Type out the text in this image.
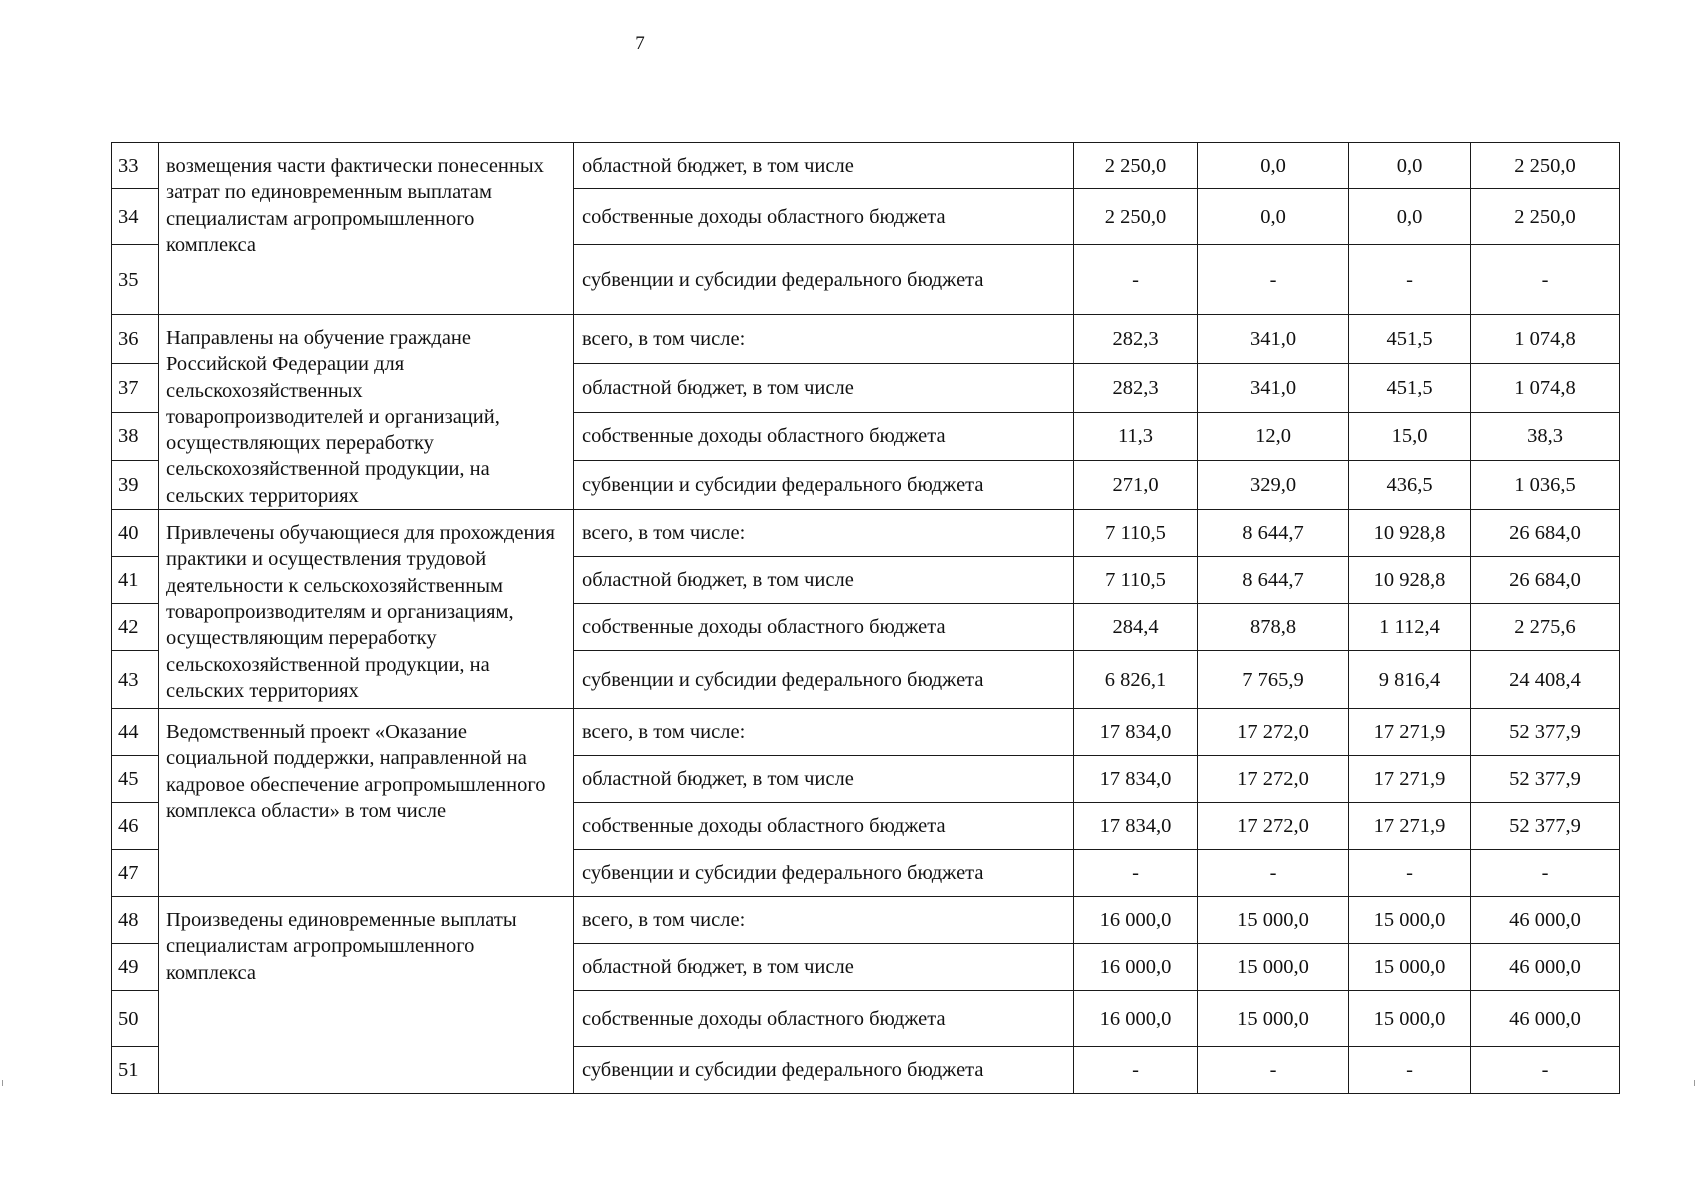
7
33	возмещения части фактически понесенных затрат по единовременным выплатам специалистам агропромышленного комплекса	областной бюджет, в том числе	2 250,0	0,0	0,0	2 250,0
34		собственные доходы областного бюджета	2 250,0	0,0	0,0	2 250,0
35		субвенции и субсидии федерального бюджета	-	-	-	-
36	Направлены на обучение граждане Российской Федерации для сельскохозяйственных товаропроизводителей и организаций, осуществляющих переработку сельскохозяйственной продукции, на сельских территориях	всего, в том числе:	282,3	341,0	451,5	1 074,8
37		областной бюджет, в том числе	282,3	341,0	451,5	1 074,8
38		собственные доходы областного бюджета	11,3	12,0	15,0	38,3
39		субвенции и субсидии федерального бюджета	271,0	329,0	436,5	1 036,5
40	Привлечены обучающиеся для прохождения практики и осуществления трудовой деятельности к сельскохозяйственным товаропроизводителям и организациям, осуществляющим переработку сельскохозяйственной продукции, на сельских территориях	всего, в том числе:	7 110,5	8 644,7	10 928,8	26 684,0
41		областной бюджет, в том числе	7 110,5	8 644,7	10 928,8	26 684,0
42		собственные доходы областного бюджета	284,4	878,8	1 112,4	2 275,6
43		субвенции и субсидии федерального бюджета	6 826,1	7 765,9	9 816,4	24 408,4
44	Ведомственный проект «Оказание социальной поддержки, направленной на кадровое обеспечение агропромышленного комплекса области» в том числе	всего, в том числе:	17 834,0	17 272,0	17 271,9	52 377,9
45		областной бюджет, в том числе	17 834,0	17 272,0	17 271,9	52 377,9
46		собственные доходы областного бюджета	17 834,0	17 272,0	17 271,9	52 377,9
47		субвенции и субсидии федерального бюджета	-	-	-	-
48	Произведены единовременные выплаты специалистам агропромышленного комплекса	всего, в том числе:	16 000,0	15 000,0	15 000,0	46 000,0
49		областной бюджет, в том числе	16 000,0	15 000,0	15 000,0	46 000,0
50		собственные доходы областного бюджета	16 000,0	15 000,0	15 000,0	46 000,0
51		субвенции и субсидии федерального бюджета	-	-	-	-
